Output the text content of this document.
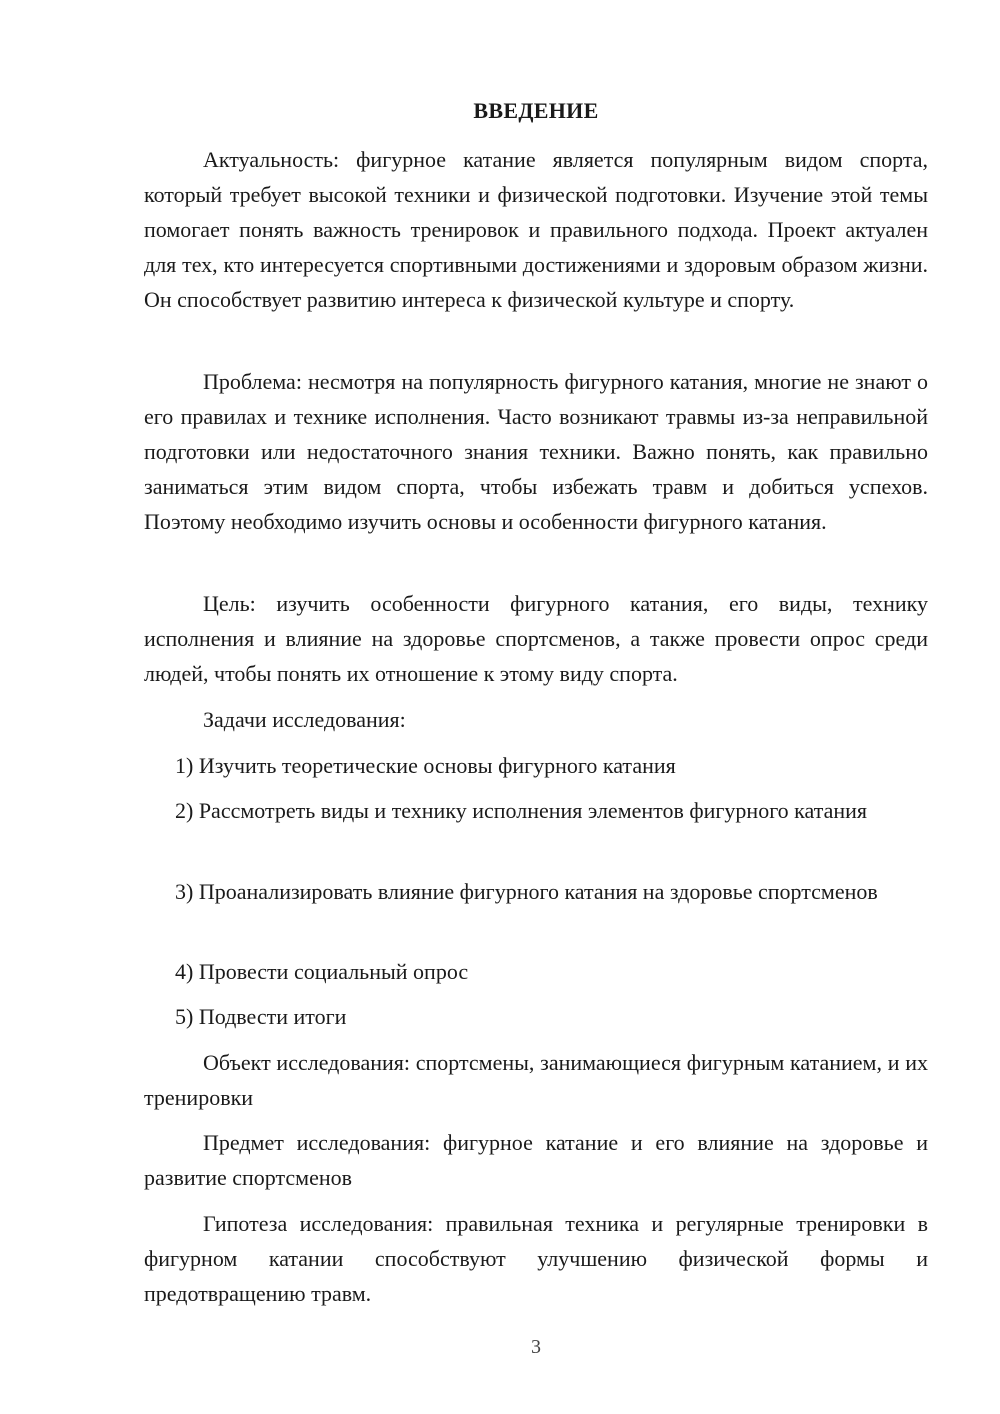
ВВЕДЕНИЕ

Актуальность: фигурное катание является популярным видом спорта, который требует высокой техники и физической подготовки. Изучение этой темы помогает понять важность тренировок и правильного подхода. Проект актуален для тех, кто интересуется спортивными достижениями и здоровым образом жизни. Он способствует развитию интереса к физической культуре и спорту.

Проблема: несмотря на популярность фигурного катания, многие не знают о его правилах и технике исполнения. Часто возникают травмы из-за неправильной подготовки или недостаточного знания техники. Важно понять, как правильно заниматься этим видом спорта, чтобы избежать травм и добиться успехов. Поэтому необходимо изучить основы и особенности фигурного катания.

Цель: изучить особенности фигурного катания, его виды, технику исполнения и влияние на здоровье спортсменов, а также провести опрос среди людей, чтобы понять их отношение к этому виду спорта.

Задачи исследования:

1) Изучить теоретические основы фигурного катания

2) Рассмотреть виды и технику исполнения элементов фигурного катания

3) Проанализировать влияние фигурного катания на здоровье спортсменов

4) Провести социальный опрос

5) Подвести итоги

Объект исследования: спортсмены, занимающиеся фигурным катанием, и их тренировки

Предмет исследования: фигурное катание и его влияние на здоровье и развитие спортсменов

Гипотеза исследования: правильная техника и регулярные тренировки в фигурном катании способствуют улучшению физической формы и предотвращению травм.

3
